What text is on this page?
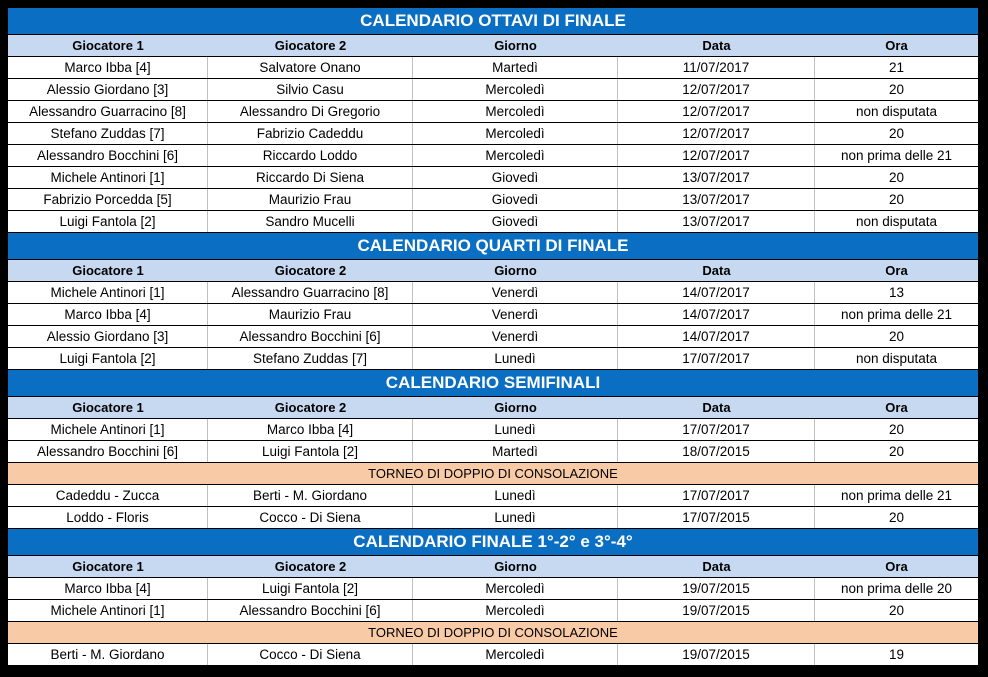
CALENDARIO OTTAVI DI FINALE
Giocatore 1	Giocatore 2	Giorno	Data	Ora
Marco Ibba [4]	Salvatore Onano	Martedì	11/07/2017	21
Alessio Giordano [3]	Silvio Casu	Mercoledì	12/07/2017	20
Alessandro Guarracino [8]	Alessandro Di Gregorio	Mercoledì	12/07/2017	non disputata
Stefano Zuddas [7]	Fabrizio Cadeddu	Mercoledì	12/07/2017	20
Alessandro Bocchini [6]	Riccardo Loddo	Mercoledì	12/07/2017	non prima delle 21
Michele Antinori [1]	Riccardo Di Siena	Giovedì	13/07/2017	20
Fabrizio Porcedda [5]	Maurizio Frau	Giovedì	13/07/2017	20
Luigi Fantola [2]	Sandro Mucelli	Giovedì	13/07/2017	non disputata
CALENDARIO QUARTI DI FINALE
Giocatore 1	Giocatore 2	Giorno	Data	Ora
Michele Antinori [1]	Alessandro Guarracino [8]	Venerdì	14/07/2017	13
Marco Ibba [4]	Maurizio Frau	Venerdì	14/07/2017	non prima delle 21
Alessio Giordano [3]	Alessandro Bocchini [6]	Venerdì	14/07/2017	20
Luigi Fantola [2]	Stefano Zuddas [7]	Lunedì	17/07/2017	non disputata
CALENDARIO SEMIFINALI
Giocatore 1	Giocatore 2	Giorno	Data	Ora
Michele Antinori [1]	Marco Ibba [4]	Lunedì	17/07/2017	20
Alessandro Bocchini [6]	Luigi Fantola [2]	Martedì	18/07/2015	20
TORNEO DI DOPPIO DI CONSOLAZIONE
Cadeddu - Zucca	Berti - M. Giordano	Lunedì	17/07/2017	non prima delle 21
Loddo - Floris	Cocco - Di Siena	Lunedì	17/07/2015	20
CALENDARIO FINALE 1°-2° e 3°-4°
Giocatore 1	Giocatore 2	Giorno	Data	Ora
Marco Ibba [4]	Luigi Fantola [2]	Mercoledì	19/07/2015	non prima delle 20
Michele Antinori [1]	Alessandro Bocchini [6]	Mercoledì	19/07/2015	20
TORNEO DI DOPPIO DI CONSOLAZIONE
Berti - M. Giordano	Cocco - Di Siena	Mercoledì	19/07/2015	19
